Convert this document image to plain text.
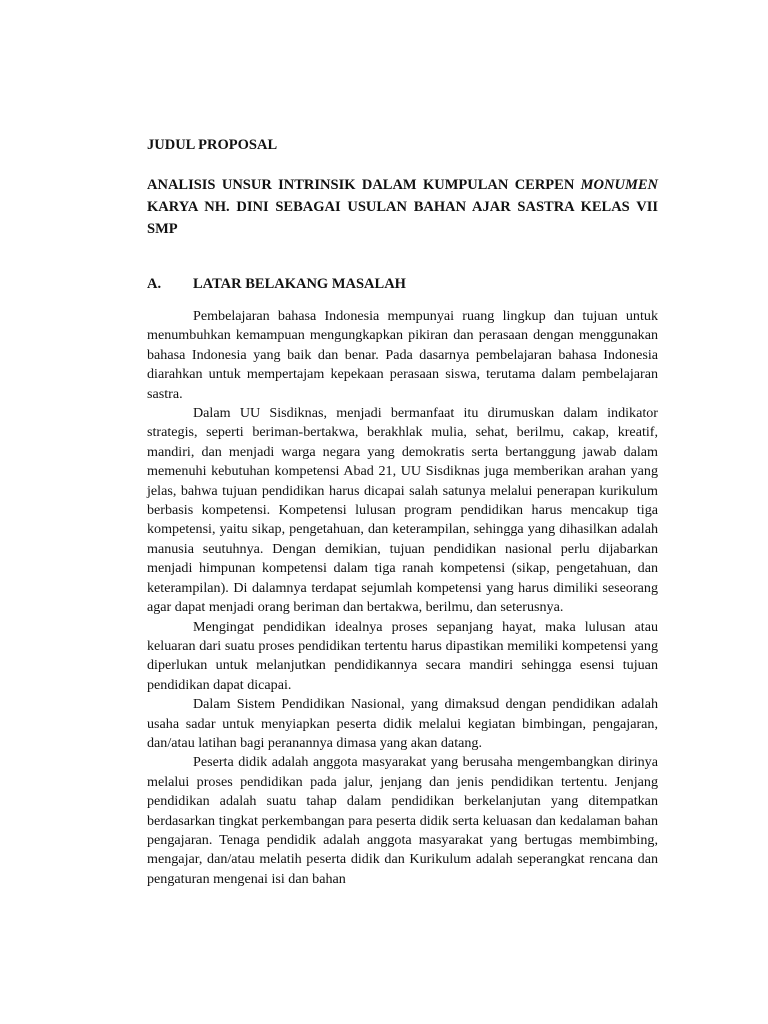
JUDUL PROPOSAL

ANALISIS UNSUR INTRINSIK DALAM KUMPULAN CERPEN MONUMEN KARYA NH. DINI SEBAGAI USULAN BAHAN AJAR SASTRA KELAS VII SMP

A.	LATAR BELAKANG MASALAH

Pembelajaran bahasa Indonesia mempunyai ruang lingkup dan tujuan untuk menumbuhkan kemampuan mengungkapkan pikiran dan perasaan dengan menggunakan bahasa Indonesia yang baik dan benar. Pada dasarnya pembelajaran bahasa Indonesia diarahkan untuk mempertajam kepekaan perasaan siswa, terutama dalam pembelajaran sastra.

Dalam UU Sisdiknas, menjadi bermanfaat itu dirumuskan dalam indikator strategis, seperti beriman-bertakwa, berakhlak mulia, sehat, berilmu, cakap, kreatif, mandiri, dan menjadi warga negara yang demokratis serta bertanggung jawab dalam memenuhi kebutuhan kompetensi Abad 21, UU Sisdiknas juga memberikan arahan yang jelas, bahwa tujuan pendidikan harus dicapai salah satunya melalui penerapan kurikulum berbasis kompetensi. Kompetensi lulusan program pendidikan harus mencakup tiga kompetensi, yaitu sikap, pengetahuan, dan keterampilan, sehingga yang dihasilkan adalah manusia seutuhnya. Dengan demikian, tujuan pendidikan nasional perlu dijabarkan menjadi himpunan kompetensi dalam tiga ranah kompetensi (sikap, pengetahuan, dan keterampilan). Di dalamnya terdapat sejumlah kompetensi yang harus dimiliki seseorang agar dapat menjadi orang beriman dan bertakwa, berilmu, dan seterusnya.

Mengingat pendidikan idealnya proses sepanjang hayat, maka lulusan atau keluaran dari suatu proses pendidikan tertentu harus dipastikan memiliki kompetensi yang diperlukan untuk melanjutkan pendidikannya secara mandiri sehingga esensi tujuan pendidikan dapat dicapai.

Dalam Sistem Pendidikan Nasional, yang dimaksud dengan pendidikan adalah usaha sadar untuk menyiapkan peserta didik melalui kegiatan bimbingan, pengajaran, dan/atau latihan bagi peranannya dimasa yang akan datang.

Peserta didik adalah anggota masyarakat yang berusaha mengembangkan dirinya melalui proses pendidikan pada jalur, jenjang dan jenis pendidikan tertentu. Jenjang pendidikan adalah suatu tahap dalam pendidikan berkelanjutan yang ditempatkan berdasarkan tingkat perkembangan para peserta didik serta keluasan dan kedalaman bahan pengajaran. Tenaga pendidik adalah anggota masyarakat yang bertugas membimbing, mengajar, dan/atau melatih peserta didik dan Kurikulum adalah seperangkat rencana dan pengaturan mengenai isi dan bahan
